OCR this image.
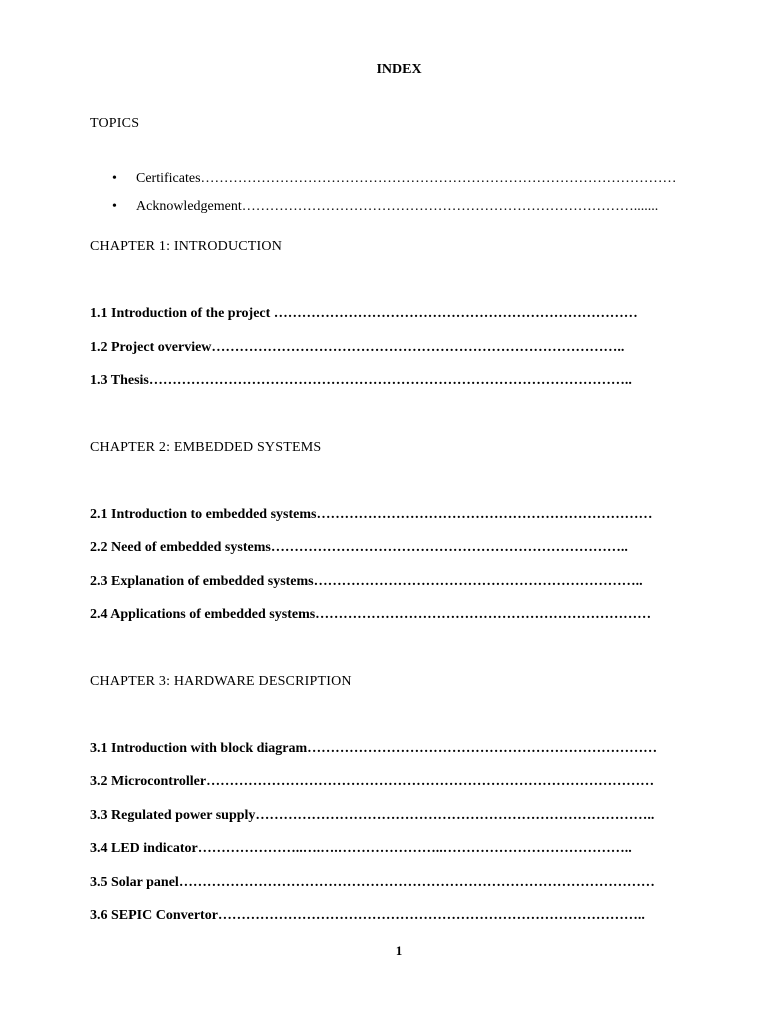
INDEX
TOPICS
• Certificates…………………………………………………………………………………………
• Acknowledgement………………………………………………………………………….......
CHAPTER 1: INTRODUCTION
1.1 Introduction of the project ……………………………………………………………………
1.2 Project overview……………………………………………………………………………..
1.3 Thesis…………………………………………………………………………………………..
CHAPTER 2: EMBEDDED SYSTEMS
2.1 Introduction to embedded systems………………………………………………………………
2.2 Need of embedded systems…………………………………………………………………..
2.3 Explanation of embedded systems……………………………………………………………..
2.4 Applications of embedded systems………………………………………………………………
CHAPTER 3: HARDWARE DESCRIPTION
3.1 Introduction with block diagram…………………………………………………………………
3.2 Microcontroller……………………………………………………………………………………
3.3 Regulated power supply…………………………………………………………………………..
3.4 LED indicator…………………..….….…………………..…………………………………..
3.5 Solar panel…………………………………………………………………………………………
3.6 SEPIC Convertor………………………………………………………………………………..
1
